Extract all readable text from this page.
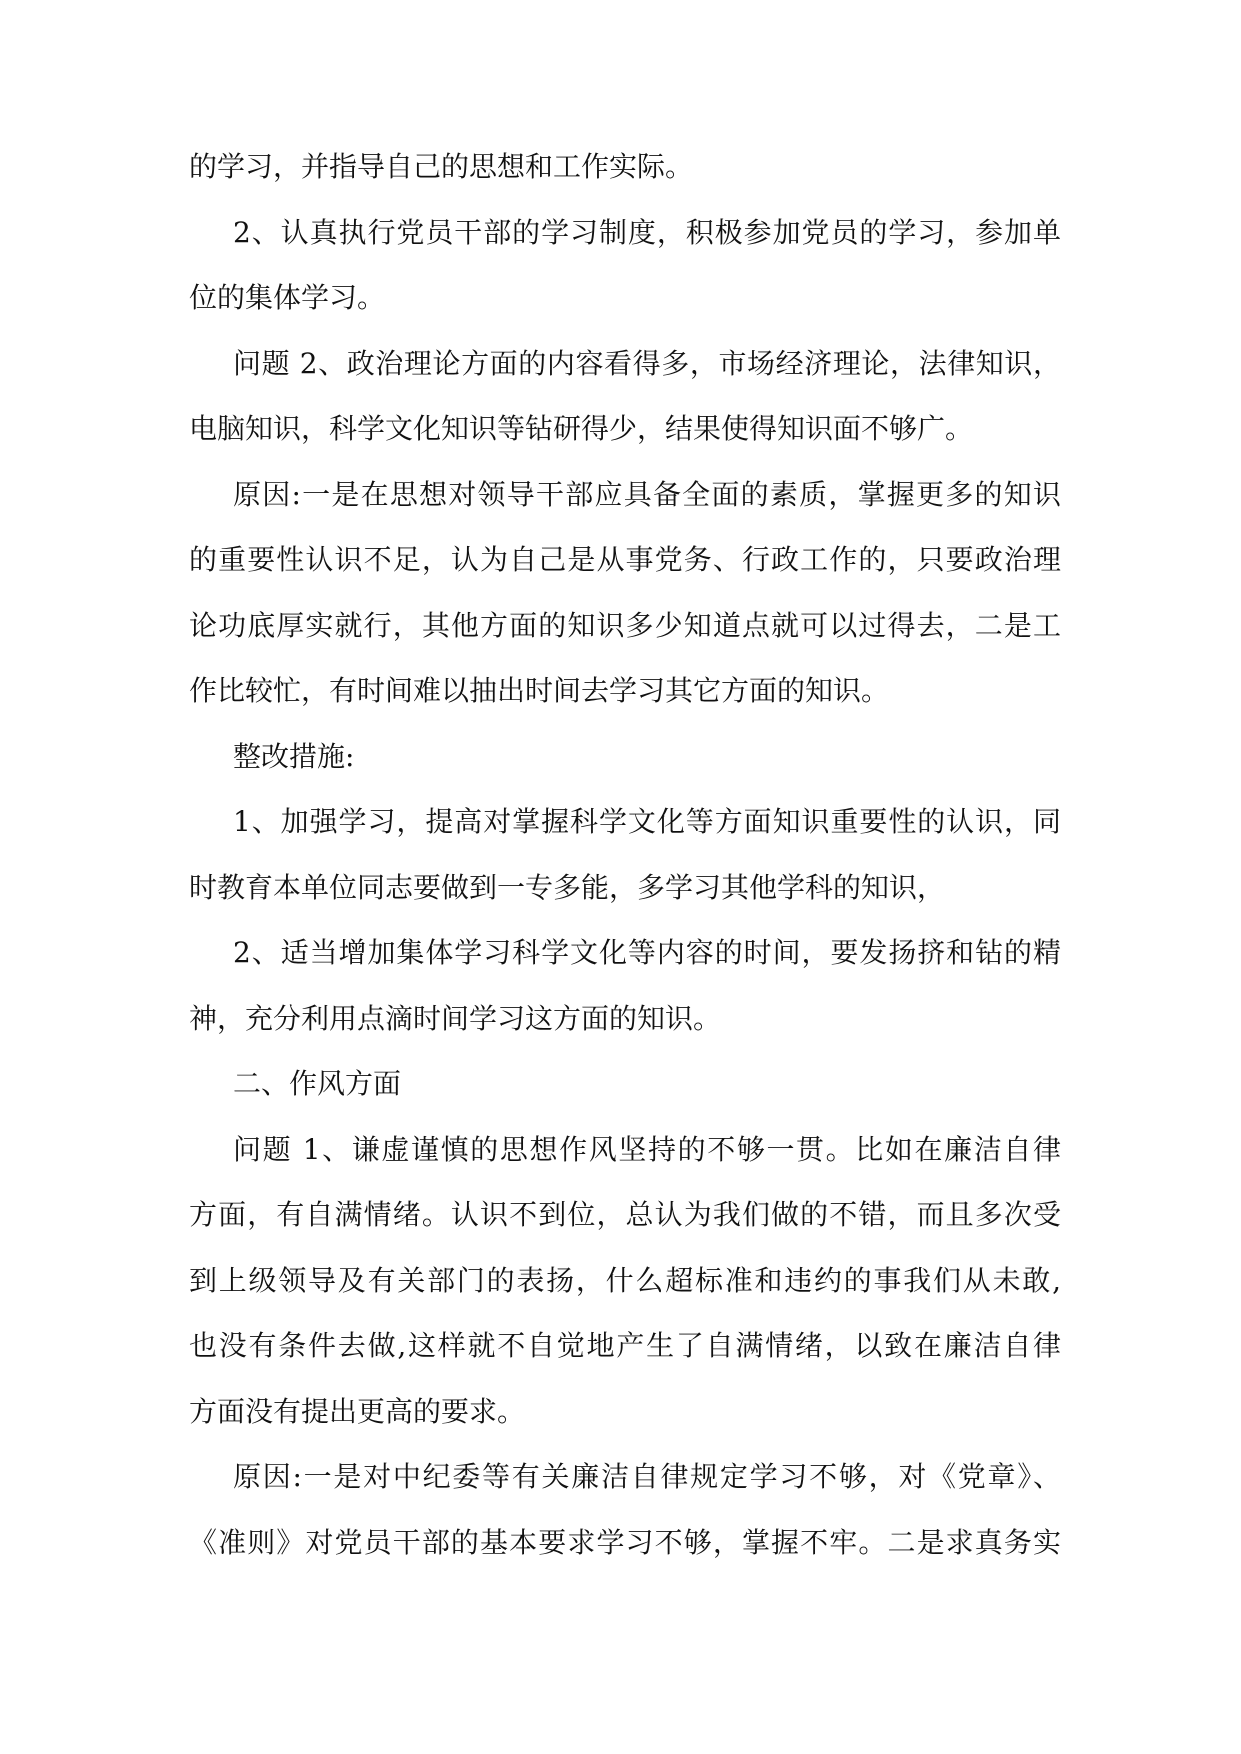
的学习，并指导自己的思想和工作实际。
2、认真执行党员干部的学习制度，积极参加党员的学习，参加单
位的集体学习。
问题 2、政治理论方面的内容看得多，市场经济理论，法律知识，
电脑知识，科学文化知识等钻研得少，结果使得知识面不够广。
原因:一是在思想对领导干部应具备全面的素质，掌握更多的知识
的重要性认识不足，认为自己是从事党务、行政工作的，只要政治理
论功底厚实就行，其他方面的知识多少知道点就可以过得去，二是工
作比较忙，有时间难以抽出时间去学习其它方面的知识。
整改措施:
1、加强学习，提高对掌握科学文化等方面知识重要性的认识，同
时教育本单位同志要做到一专多能，多学习其他学科的知识，
2、适当增加集体学习科学文化等内容的时间，要发扬挤和钻的精
神，充分利用点滴时间学习这方面的知识。
二、作风方面
问题 1、谦虚谨慎的思想作风坚持的不够一贯。比如在廉洁自律
方面，有自满情绪。认识不到位，总认为我们做的不错，而且多次受
到上级领导及有关部门的表扬，什么超标准和违约的事我们从未敢,
也没有条件去做,这样就不自觉地产生了自满情绪，以致在廉洁自律
方面没有提出更高的要求。
原因:一是对中纪委等有关廉洁自律规定学习不够，对《党章》、
《准则》对党员干部的基本要求学习不够，掌握不牢。二是求真务实
